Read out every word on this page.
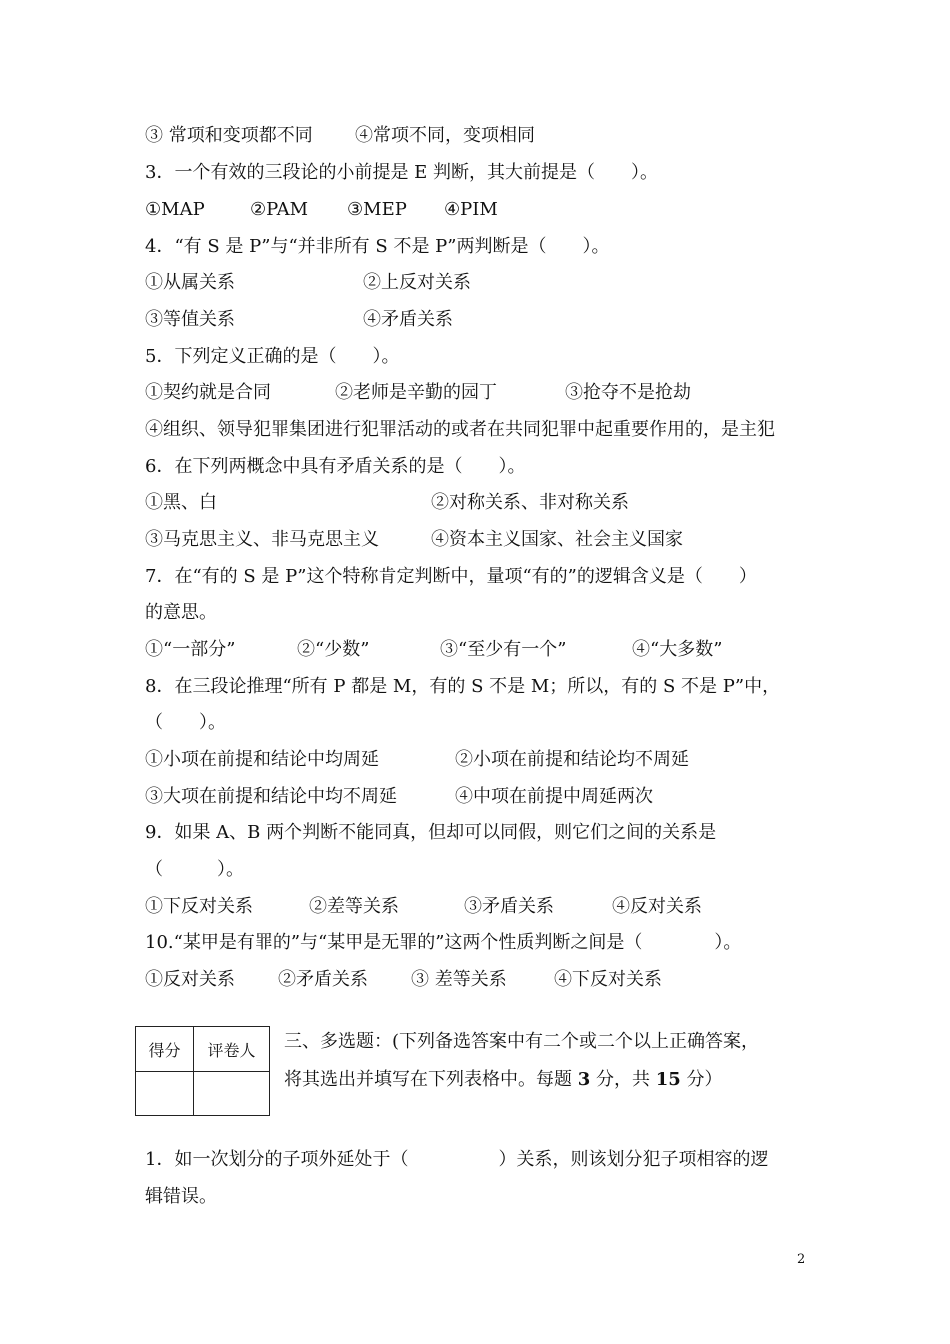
③ 常项和变项都不同 ④常项不同，变项相同

3．一个有效的三段论的小前提是 E 判断，其大前提是（　　）。

①MAP	②PAM ③MEP ④PIM

4．“有 S 是 P”与“并非所有 S 不是 P”两判断是（　　）。

①从属关系	②上反对关系

③等值关系	④矛盾关系

5．下列定义正确的是（　　）。

①契约就是合同	②老师是辛勤的园丁	③抢夺不是抢劫

④组织、领导犯罪集团进行犯罪活动的或者在共同犯罪中起重要作用的，是主犯

6．在下列两概念中具有矛盾关系的是（　　）。

①黑、白	②对称关系、非对称关系

③马克思主义、非马克思主义	④资本主义国家、社会主义国家

7．在“有的 S 是 P”这个特称肯定判断中，量项“有的”的逻辑含义是（　　）

的意思。

①“一部分”	②“少数”	③“至少有一个”	④“大多数”

8．在三段论推理“所有 P 都是 M，有的 S 不是 M；所以，有的 S 不是 P”中，

（　　）。

①小项在前提和结论中均周延	②小项在前提和结论均不周延

③大项在前提和结论中均不周延	④中项在前提中周延两次

9．如果 A、B 两个判断不能同真，但却可以同假，则它们之间的关系是

（　　　）。

①下反对关系	②差等关系	③矛盾关系	④反对关系

10.“某甲是有罪的”与“某甲是无罪的”这两个性质判断之间是（　　　　）。

①反对关系 ②矛盾关系 ③ 差等关系	④下反对关系

得分	评卷人
	三、多选题：(下列备选答案中有二个或二个以上正确答案，

将其选出并填写在下列表格中。每题 3 分，共 15 分）

1．如一次划分的子项外延处于（　　　　　）关系，则该划分犯子项相容的逻

辑错误。

2
